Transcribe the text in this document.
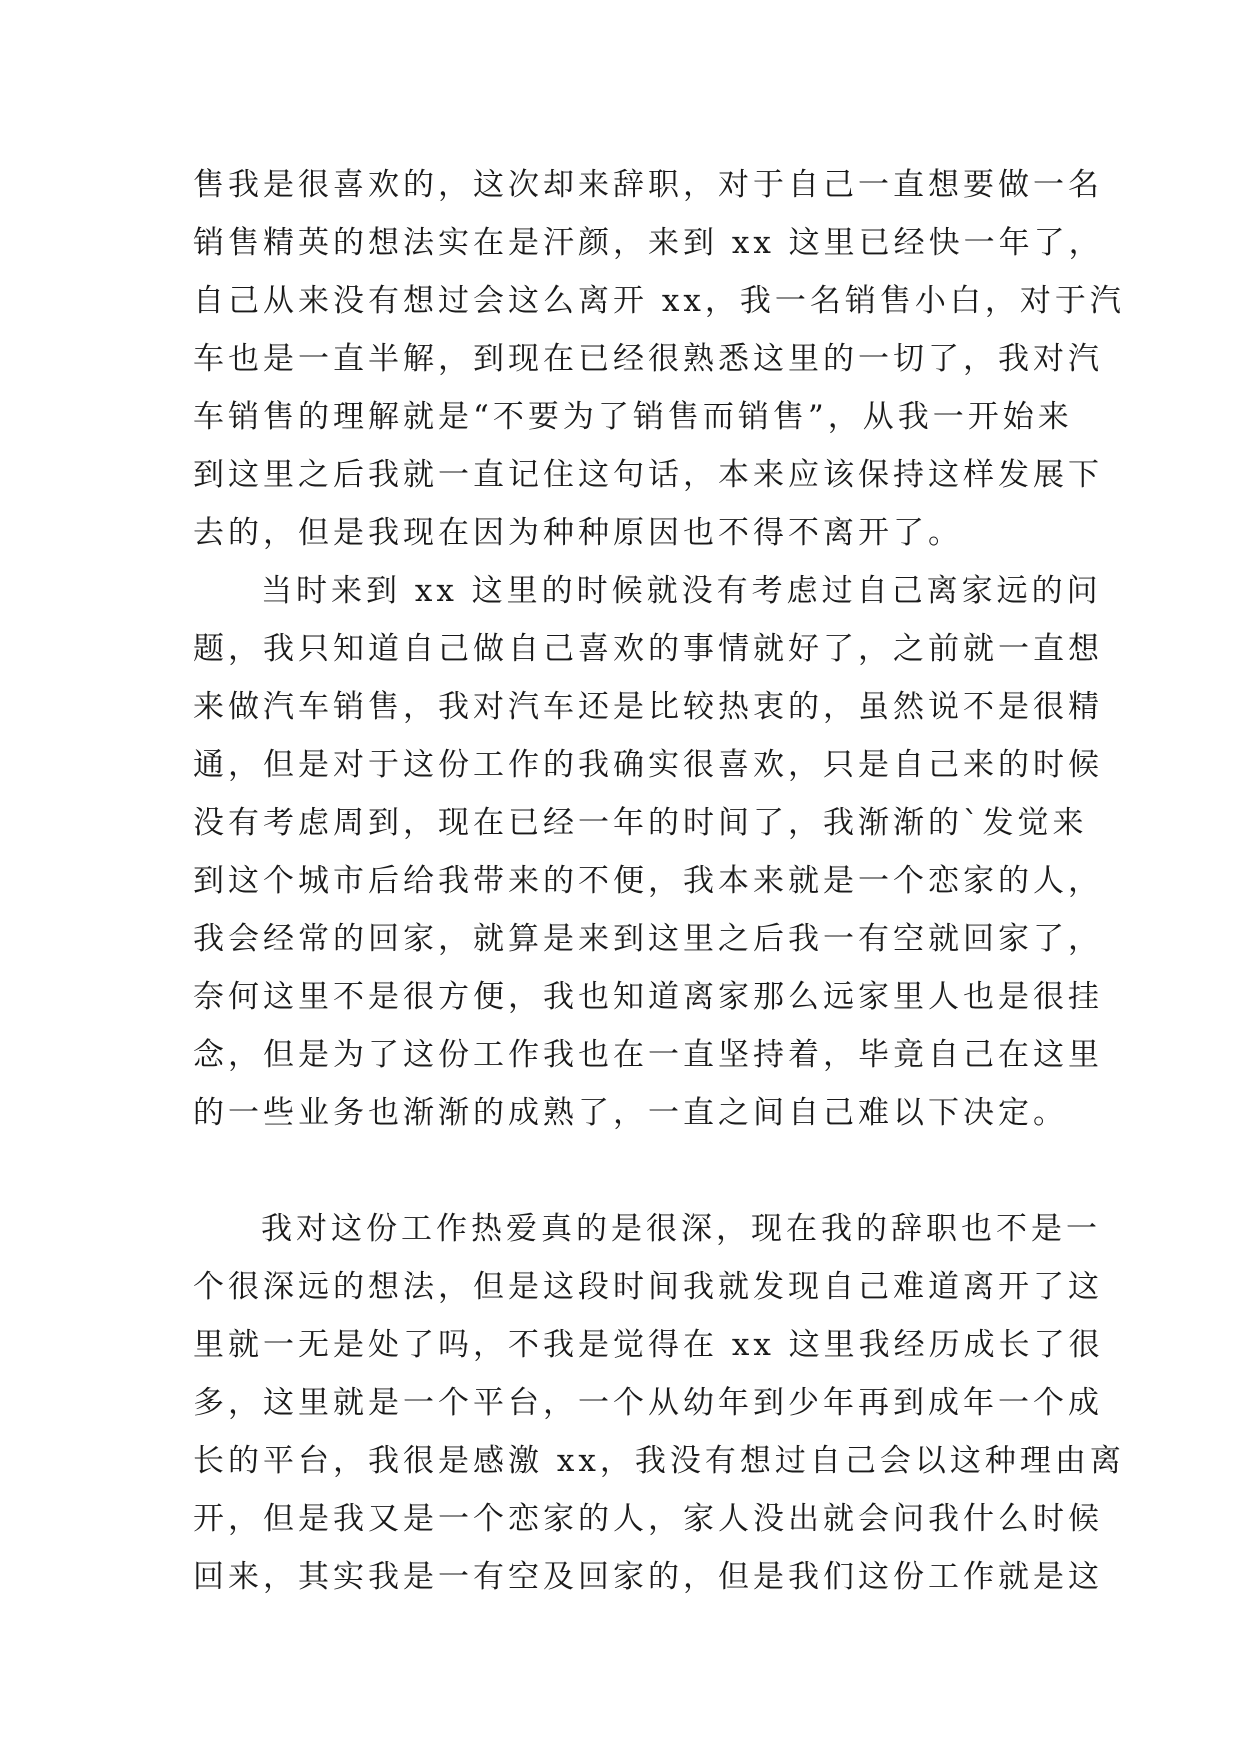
售我是很喜欢的，这次却来辞职，对于自己一直想要做一名
销售精英的想法实在是汗颜，来到 xx 这里已经快一年了，
自己从来没有想过会这么离开 xx，我一名销售小白，对于汽
车也是一直半解，到现在已经很熟悉这里的一切了，我对汽
车销售的理解就是“不要为了销售而销售”，从我一开始来
到这里之后我就一直记住这句话，本来应该保持这样发展下
去的，但是我现在因为种种原因也不得不离开了。
当时来到 xx 这里的时候就没有考虑过自己离家远的问
题，我只知道自己做自己喜欢的事情就好了，之前就一直想
来做汽车销售，我对汽车还是比较热衷的，虽然说不是很精
通，但是对于这份工作的我确实很喜欢，只是自己来的时候
没有考虑周到，现在已经一年的时间了，我渐渐的`发觉来
到这个城市后给我带来的不便，我本来就是一个恋家的人，
我会经常的回家，就算是来到这里之后我一有空就回家了，
奈何这里不是很方便，我也知道离家那么远家里人也是很挂
念，但是为了这份工作我也在一直坚持着，毕竟自己在这里
的一些业务也渐渐的成熟了，一直之间自己难以下决定。
我对这份工作热爱真的是很深，现在我的辞职也不是一
个很深远的想法，但是这段时间我就发现自己难道离开了这
里就一无是处了吗，不我是觉得在 xx 这里我经历成长了很
多，这里就是一个平台，一个从幼年到少年再到成年一个成
长的平台，我很是感激 xx，我没有想过自己会以这种理由离
开，但是我又是一个恋家的人，家人没出就会问我什么时候
回来，其实我是一有空及回家的，但是我们这份工作就是这
